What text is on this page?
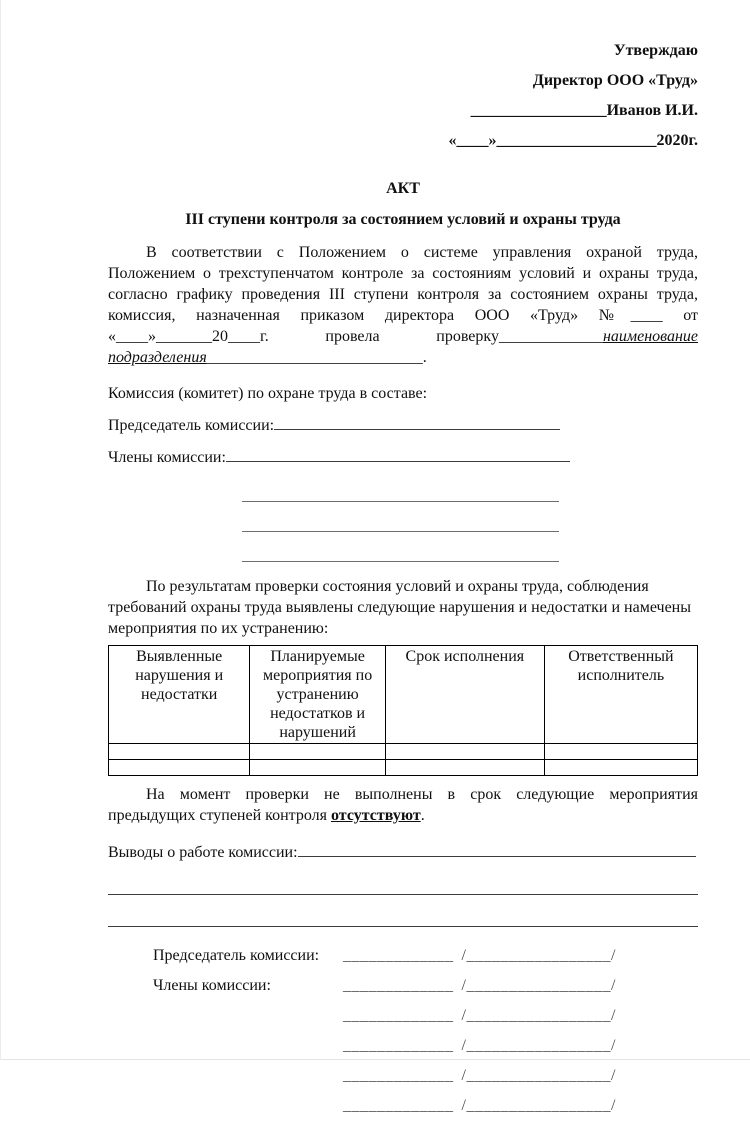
Утверждаю
Директор ООО «Труд»
_________________Иванов И.И.
«____»____________________2020г.
АКТ
III ступени контроля за состоянием условий и охраны труда

В соответствии с Положением о системе управления охраной труда, Положением о трехступенчатом контроле за состояниям условий и охраны труда, согласно графику проведения III ступени контроля за состоянием охраны труда, комиссия, назначенная приказом директора ООО «Труд» №____ от «____»_______20____г. провела проверку_____________наименование подразделения___________________________.

Комиссия (комитет) по охране труда в составе:
Председатель комиссии:
Члены комиссии:

По результатам проверки состояния условий и охраны труда, соблюдения требований охраны труда выявлены следующие нарушения и недостатки и намечены мероприятия по их устранению:

Выявленные нарушения и недостатки	Планируемые мероприятия по устранению недостатков и нарушений	Срок исполнения	Ответственный исполнитель

На момент проверки не выполнены в срок следующие мероприятия предыдущих ступеней контроля отсутствуют.

Выводы о работе комиссии:
Председатель комиссии:	_____________ /_________________/
Члены комиссии:	_____________ /_________________/
_____________ /_________________/
_____________ /_________________/
_____________ /_________________/
_____________ /_________________/
